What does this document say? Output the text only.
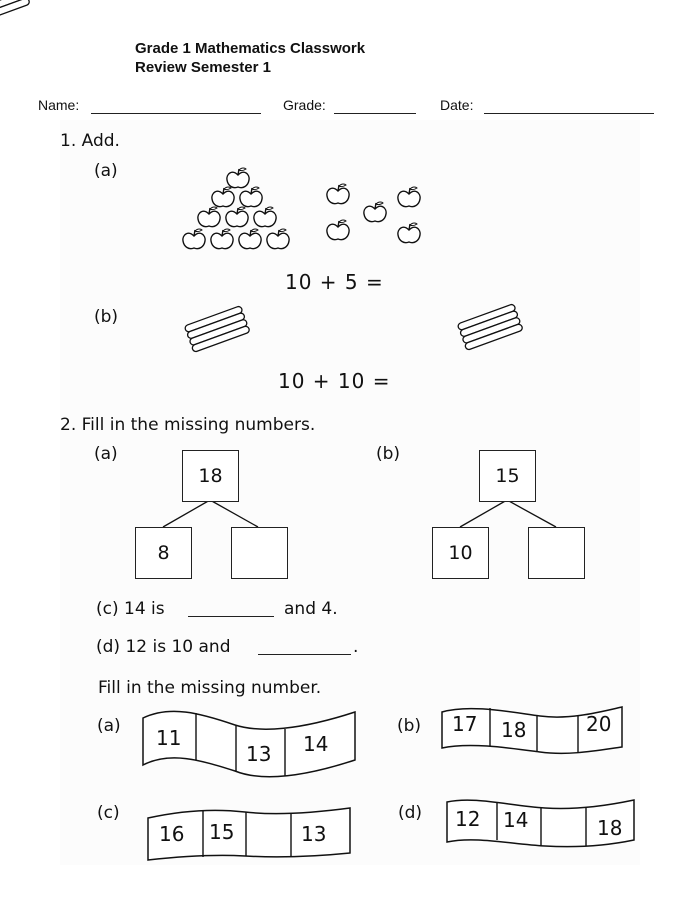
Grade 1 Mathematics Classwork
Review Semester 1
Name:	Grade:	Date:
1. Add.
(a)
10 + 5 =
(b)
10 + 10 =
2. Fill in the missing numbers.
(a)	(b)
18
8
15
10
(c) 14 is	and 4.
(d) 12 is 10 and	.
Fill in the missing number.
(a) 11
13 14
(b) 17 18	20
(c)
16 15	13
(d) 12 14	18
